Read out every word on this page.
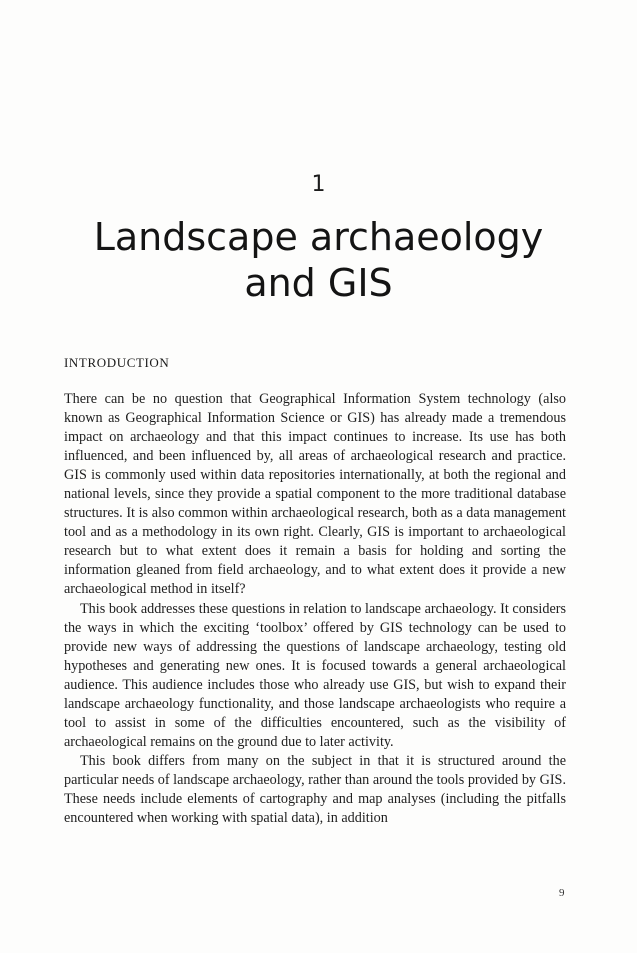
1
Landscape archaeology
and GIS
INTRODUCTION

There can be no question that Geographical Information System technology (also known as Geographical Information Science or GIS) has already made a tremendous impact on archaeology and that this impact continues to increase. Its use has both influenced, and been influenced by, all areas of archaeological research and practice. GIS is commonly used within data repositories internationally, at both the regional and national levels, since they provide a spatial component to the more traditional database structures. It is also common within archaeological research, both as a data management tool and as a methodology in its own right. Clearly, GIS is important to archaeological research but to what extent does it remain a basis for holding and sorting the information gleaned from field archaeology, and to what extent does it provide a new archaeological method in itself?

This book addresses these questions in relation to landscape archaeology. It considers the ways in which the exciting ‘toolbox’ offered by GIS technology can be used to provide new ways of addressing the questions of landscape archaeology, testing old hypotheses and generating new ones. It is focused towards a general archaeological audience. This audience includes those who already use GIS, but wish to expand their landscape archaeology functionality, and those landscape archaeologists who require a tool to assist in some of the difficulties encountered, such as the visibility of archaeological remains on the ground due to later activity.

This book differs from many on the subject in that it is structured around the particular needs of landscape archaeology, rather than around the tools provided by GIS. These needs include elements of cartography and map analyses (including the pitfalls encountered when working with spatial data), in addition

9
